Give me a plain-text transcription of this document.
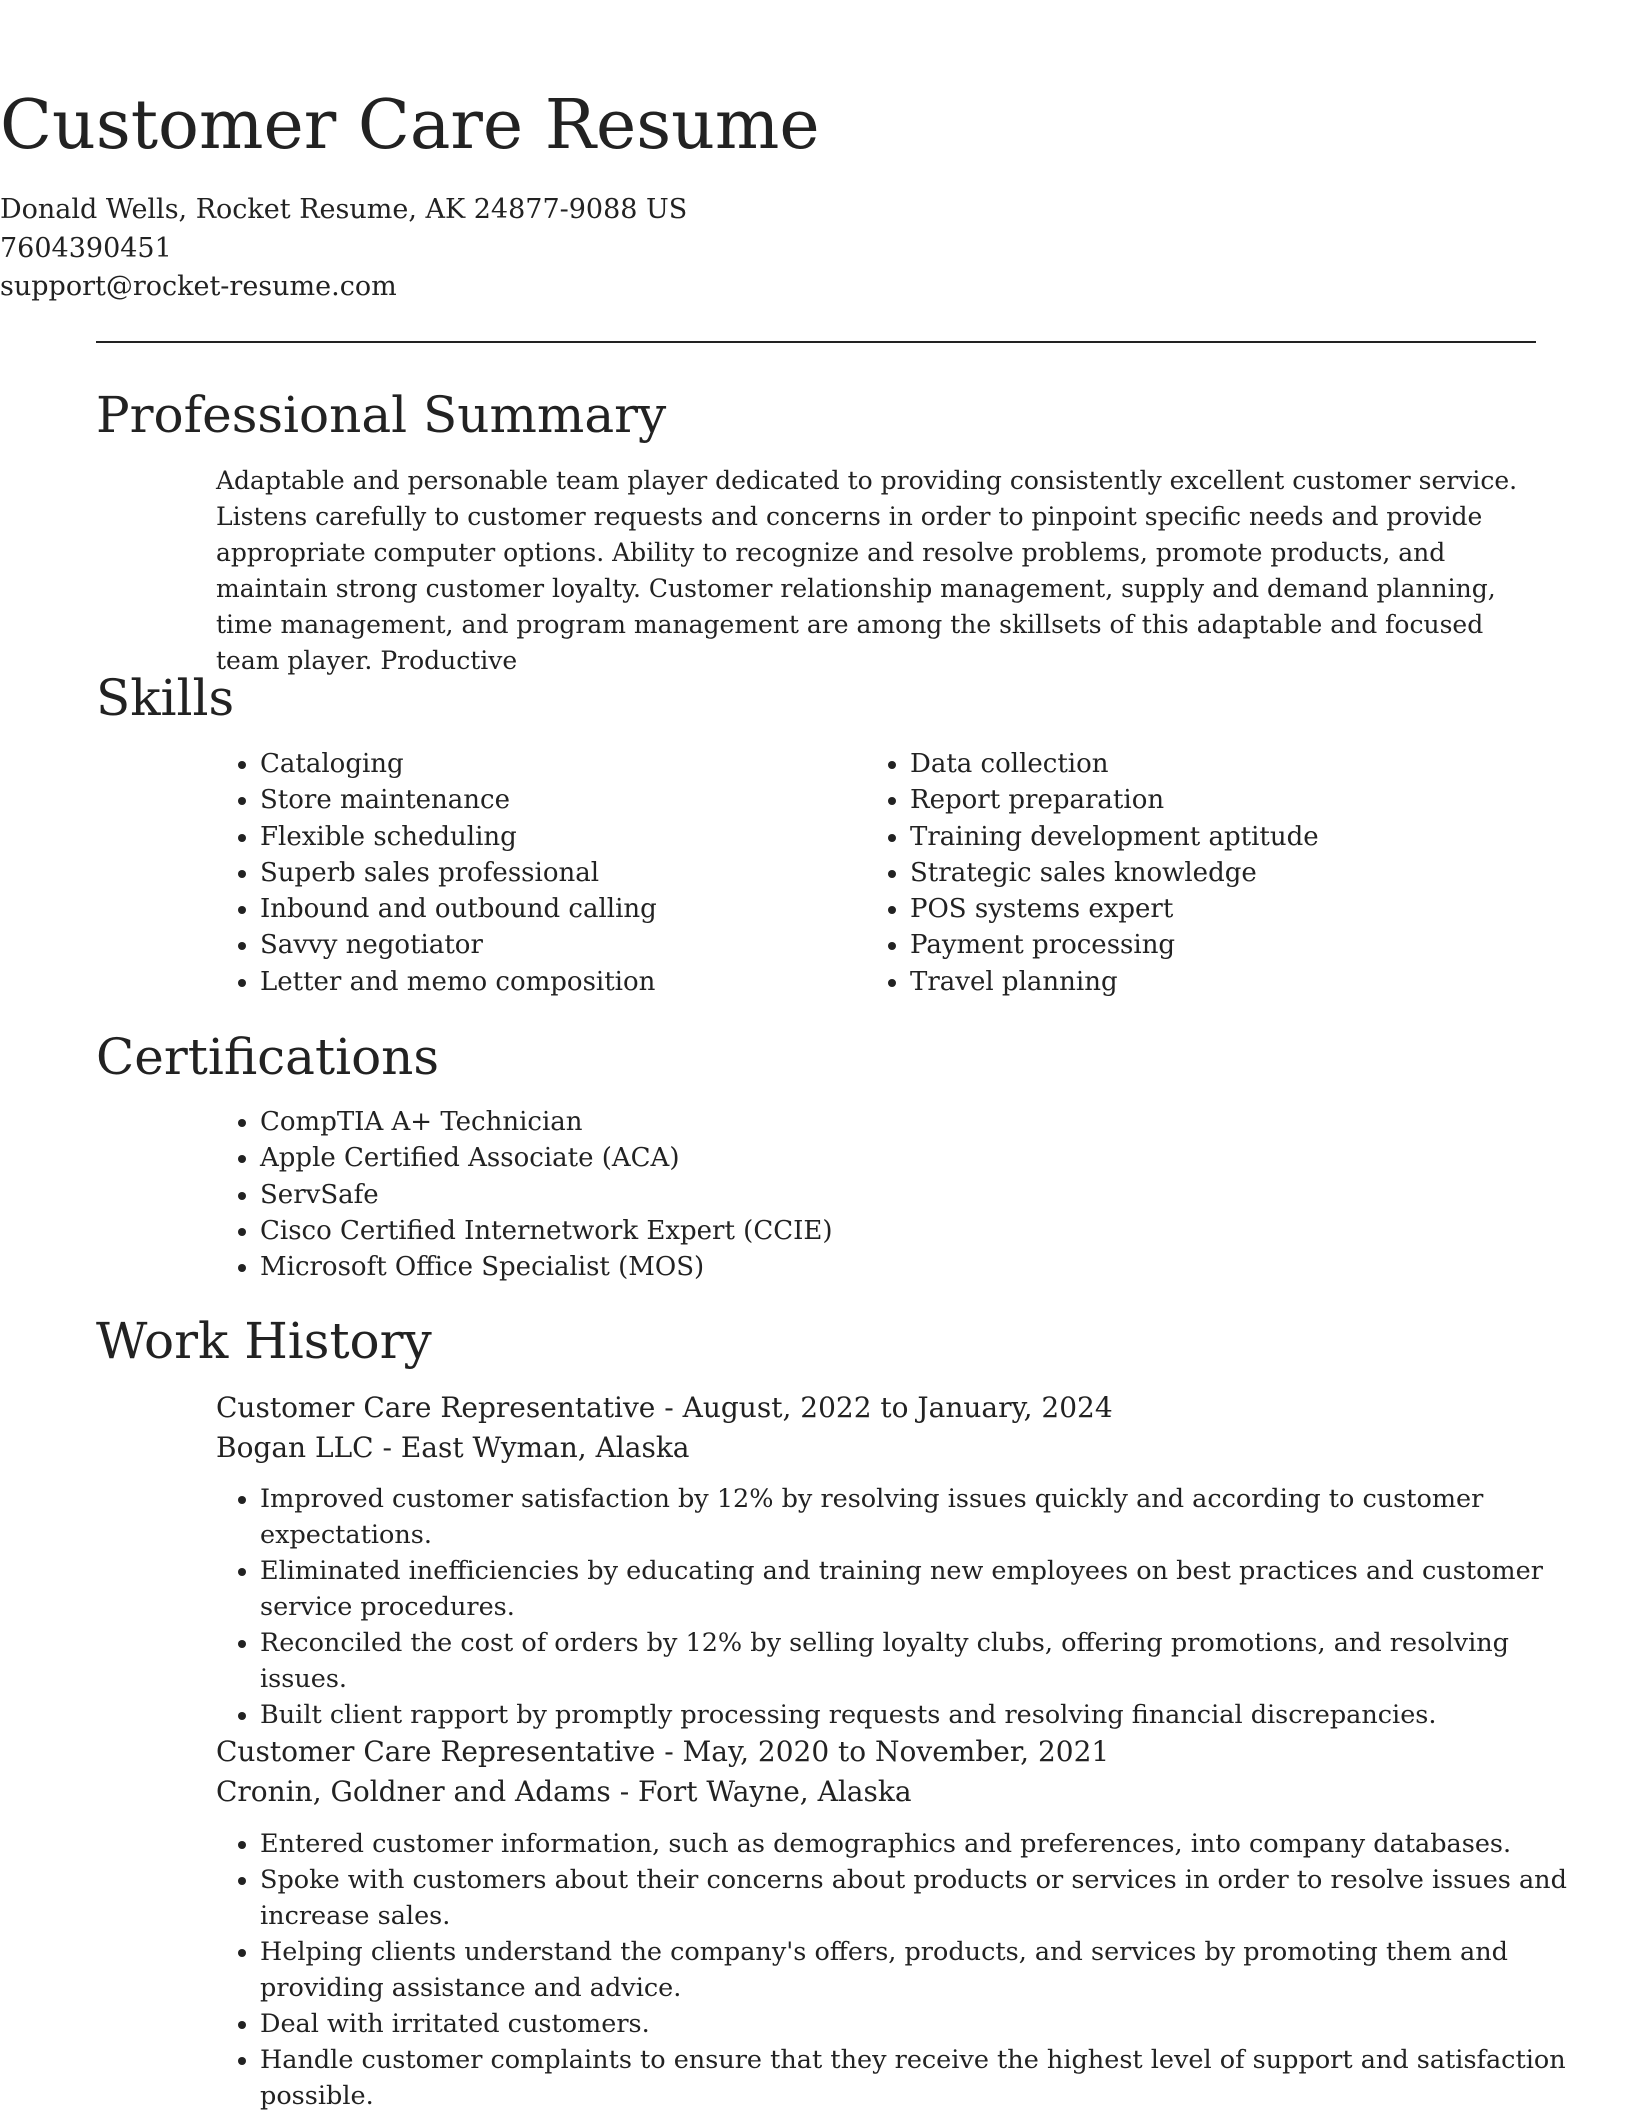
Customer Care Resume
Donald Wells, Rocket Resume, AK 24877-9088 US
7604390451
support@rocket-resume.com
Professional Summary

Adaptable and personable team player dedicated to providing consistently excellent customer service. Listens carefully to customer requests and concerns in order to pinpoint specific needs and provide appropriate computer options. Ability to recognize and resolve problems, promote products, and maintain strong customer loyalty. Customer relationship management, supply and demand planning, time management, and program management are among the skillsets of this adaptable and focused team player. Productive

Skills
• Cataloging
• Store maintenance
• Flexible scheduling
• Superb sales professional
• Inbound and outbound calling
• Savvy negotiator
• Letter and memo composition
• Data collection
• Report preparation
• Training development aptitude
• Strategic sales knowledge
• POS systems expert
• Payment processing
• Travel planning
Certifications
• CompTIA A+ Technician
• Apple Certified Associate (ACA)
• ServSafe
• Cisco Certified Internetwork Expert (CCIE)
• Microsoft Office Specialist (MOS)
Work History
Customer Care Representative - August, 2022 to January, 2024
Bogan LLC - East Wyman, Alaska
• Improved customer satisfaction by 12% by resolving issues quickly and according to customer expectations.
• Eliminated inefficiencies by educating and training new employees on best practices and customer service procedures.
• Reconciled the cost of orders by 12% by selling loyalty clubs, offering promotions, and resolving issues.
• Built client rapport by promptly processing requests and resolving financial discrepancies.
Customer Care Representative - May, 2020 to November, 2021
Cronin, Goldner and Adams - Fort Wayne, Alaska
• Entered customer information, such as demographics and preferences, into company databases.
• Spoke with customers about their concerns about products or services in order to resolve issues and increase sales.
• Helping clients understand the company's offers, products, and services by promoting them and providing assistance and advice.
• Deal with irritated customers.
• Handle customer complaints to ensure that they receive the highest level of support and satisfaction possible.
